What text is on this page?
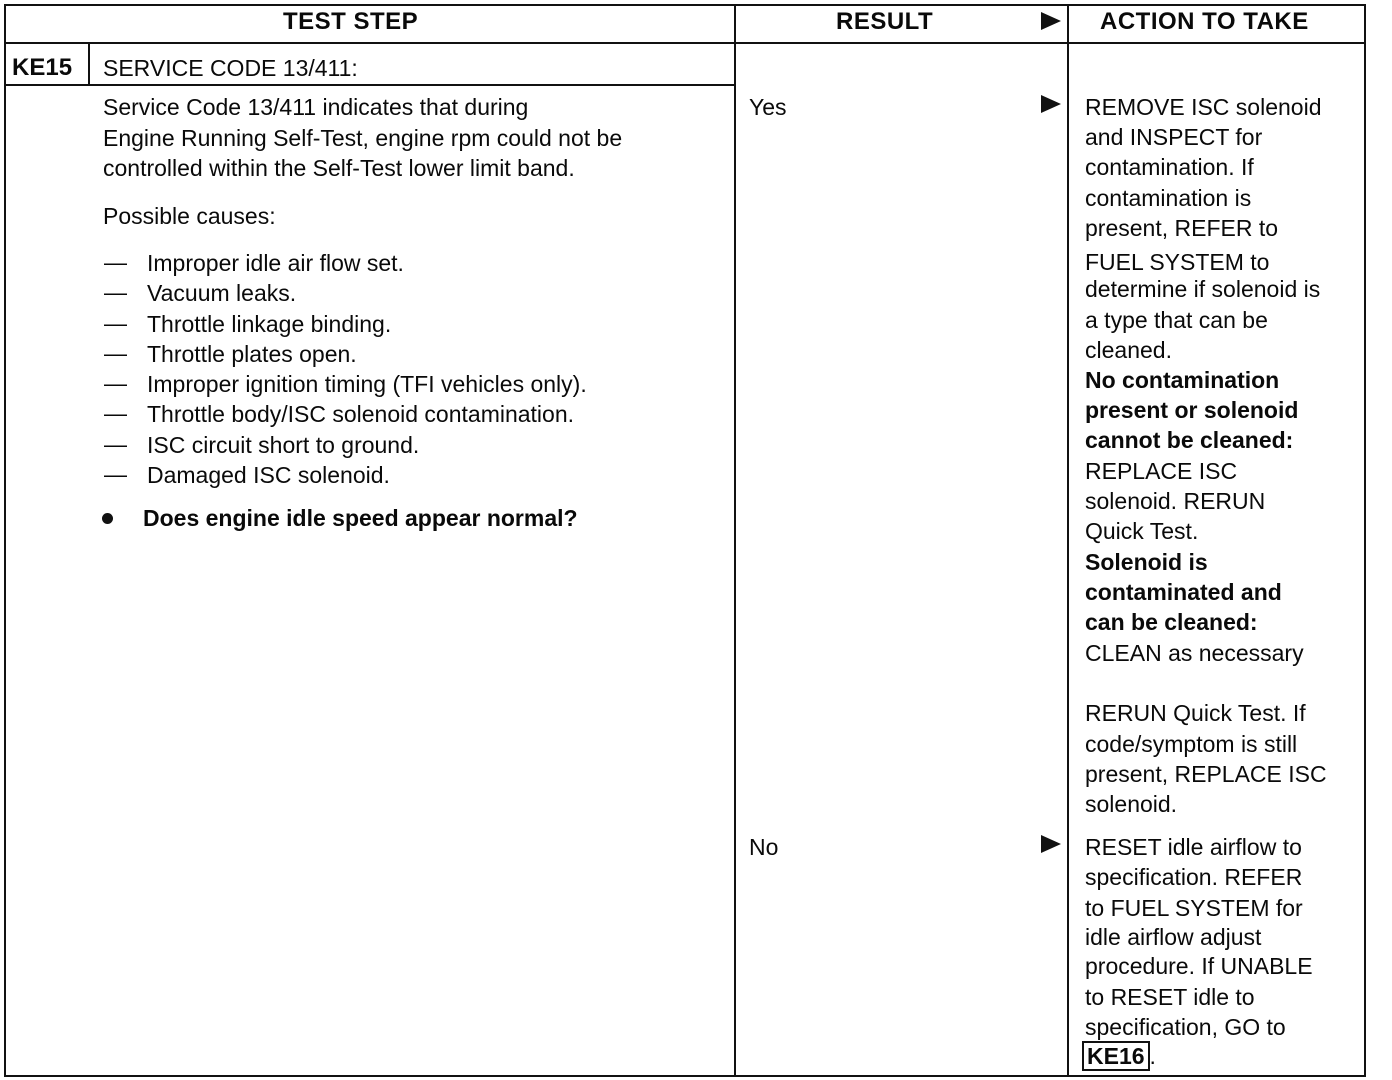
TEST STEP	RESULT	ACTION TO TAKE
KE15 SERVICE CODE 13/411:
Service Code 13/411 indicates that during
Engine Running Self-Test, engine rpm could not be
controlled within the Self-Test lower limit band.
Possible causes:
— Improper idle air flow set.
— Vacuum leaks.
— Throttle linkage binding.
— Throttle plates open.
— Improper ignition timing (TFI vehicles only).
— Throttle body/ISC solenoid contamination.
— ISC circuit short to ground.
— Damaged ISC solenoid.
Does engine idle speed appear normal?
Yes
No
REMOVE ISC solenoid
and INSPECT for
contamination. If
contamination is
present, REFER to
FUEL SYSTEM to
determine if solenoid is
a type that can be
cleaned.
No contamination
present or solenoid
cannot be cleaned:
REPLACE ISC
solenoid. RERUN
Quick Test.
Solenoid is
contaminated and
can be cleaned:
CLEAN as necessary
RERUN Quick Test. If
code/symptom is still
present, REPLACE ISC
solenoid.
RESET idle airflow to
specification. REFER
to FUEL SYSTEM for
idle airflow adjust
procedure. If UNABLE
to RESET idle to
specification, GO to
KE16 .
